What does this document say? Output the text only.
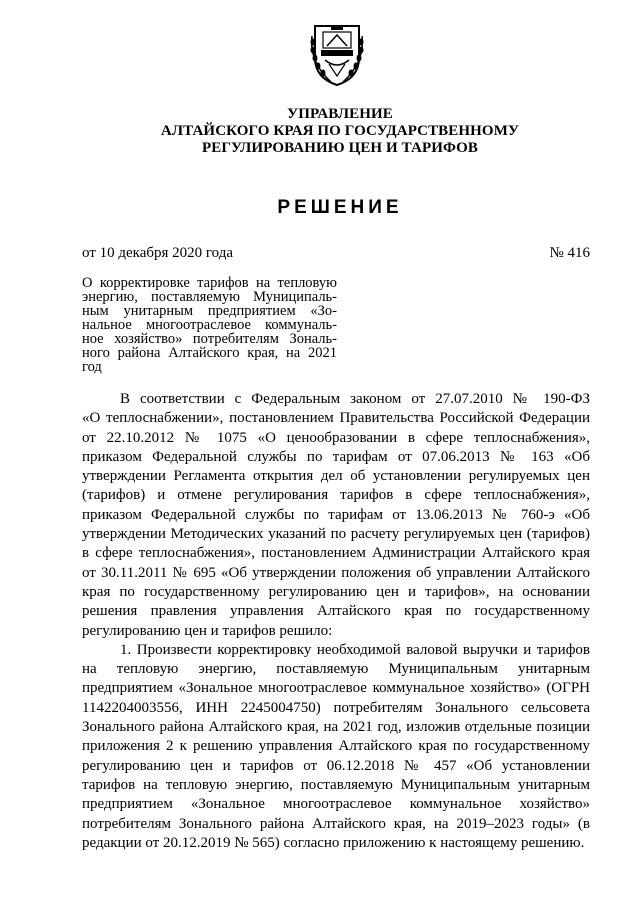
УПРАВЛЕНИЕ
АЛТАЙСКОГО КРАЯ ПО ГОСУДАРСТВЕННОМУ
РЕГУЛИРОВАНИЮ ЦЕН И ТАРИФОВ
РЕШЕНИЕ
от 10 декабря 2020 года	№ 416
О корректировке тарифов на тепловую
энергию, поставляемую Муниципаль-
ным унитарным предприятием «Зо-
нальное многоотраслевое коммуналь-
ное хозяйство» потребителям Зональ-
ного района Алтайского края, на 2021
год
В соответствии с Федеральным законом от 27.07.2010 № 190-ФЗ
«О теплоснабжении», постановлением Правительства Российской Федерации
от 22.10.2012 № 1075 «О ценообразовании в сфере теплоснабжения»,
приказом Федеральной службы по тарифам от 07.06.2013 № 163 «Об
утверждении Регламента открытия дел об установлении регулируемых цен
(тарифов) и отмене регулирования тарифов в сфере теплоснабжения»,
приказом Федеральной службы по тарифам от 13.06.2013 № 760-э «Об
утверждении Методических указаний по расчету регулируемых цен (тарифов)
в сфере теплоснабжения», постановлением Администрации Алтайского края
от 30.11.2011 № 695 «Об утверждении положения об управлении Алтайского
края по государственному регулированию цен и тарифов», на основании
решения правления управления Алтайского края по государственному
регулированию цен и тарифов решило:
1. Произвести корректировку необходимой валовой выручки и тарифов
на тепловую энергию, поставляемую Муниципальным унитарным
предприятием «Зональное многоотраслевое коммунальное хозяйство» (ОГРН
1142204003556, ИНН 2245004750) потребителям Зонального сельсовета
Зонального района Алтайского края, на 2021 год, изложив отдельные позиции
приложения 2 к решению управления Алтайского края по государственному
регулированию цен и тарифов от 06.12.2018 № 457 «Об установлении
тарифов на тепловую энергию, поставляемую Муниципальным унитарным
предприятием «Зональное многоотраслевое коммунальное хозяйство»
потребителям Зонального района Алтайского края, на 2019–2023 годы» (в
редакции от 20.12.2019 № 565) согласно приложению к настоящему решению.
